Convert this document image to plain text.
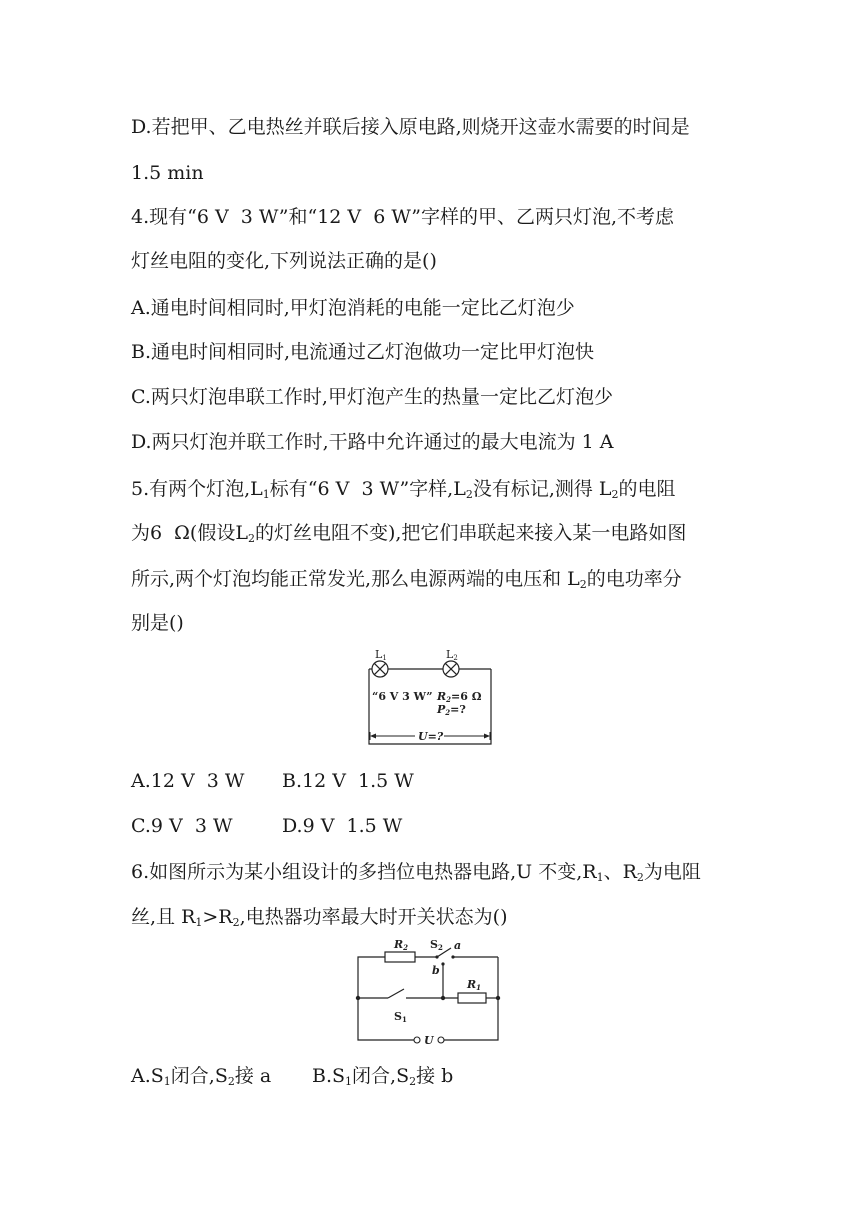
D.若把甲、乙电热丝并联后接入原电路,则烧开这壶水需要的时间是
1.5 min
4.现有“6 V  3 W”和“12 V  6 W”字样的甲、乙两只灯泡,不考虑
灯丝电阻的变化,下列说法正确的是()
A.通电时间相同时,甲灯泡消耗的电能一定比乙灯泡少
B.通电时间相同时,电流通过乙灯泡做功一定比甲灯泡快
C.两只灯泡串联工作时,甲灯泡产生的热量一定比乙灯泡少
D.两只灯泡并联工作时,干路中允许通过的最大电流为 1 A
5.有两个灯泡$,L_1$标有“6 V  3 W”字样$,L_2$没有标记,测得 $L_2$的电阻
为6  Ω(假设$L_2$的灯丝电阻不变),把它们串联起来接入某一电路如图
所示,两个灯泡均能正常发光,那么电源两端的电压和 $L_2$的电功率分
别是()
L1	L2
“6 V 3 W” R2=6 Ω
P2=?
U=?
A.12 V  3 W B.12 V  1.5 W
C.9 V  3 W	D.9 V  1.5 W
6.如图所示为某小组设计的多挡位电热器电路,U 不变$,R_1$、$R_2$为电阻
丝,且 $R_1>R_2$,电热器功率最大时开关状态为()
R2 S2 a
b
R1
S1
U
$A.S_1$闭合$,S_2$接 a $B.S_1$闭合$,S_2$接 b
